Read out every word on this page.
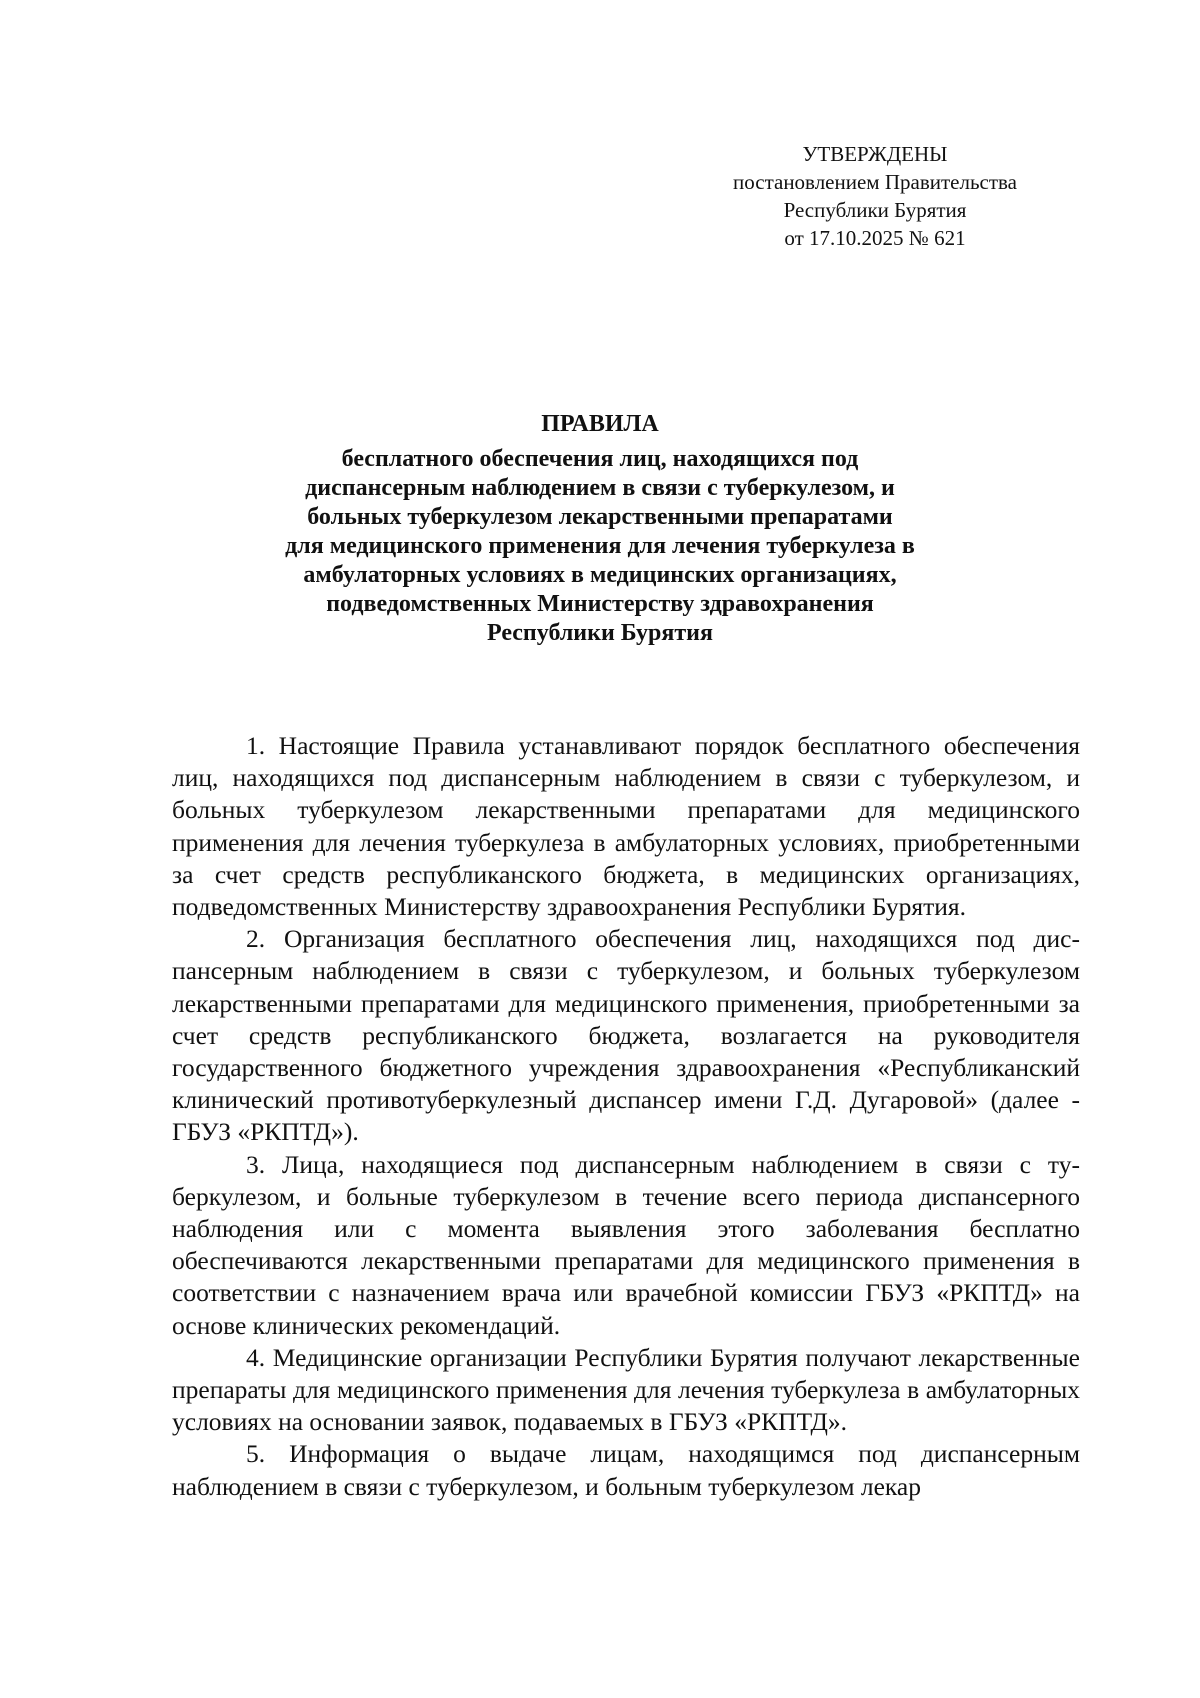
УТВЕРЖДЕНЫ
постановлением Правительства
Республики Бурятия
от 17.10.2025 № 621
ПРАВИЛА
бесплатного обеспечения лиц, находящихся под
диспансерным наблюдением в связи с туберкулезом, и
больных туберкулезом лекарственными препаратами
для медицинского применения для лечения туберкулеза в
амбулаторных условиях в медицинских организациях,
подведомственных Министерству здравохранения
Республики Бурятия

1. Настоящие Правила устанавливают порядок бесплатного обеспечения лиц, находящихся под диспансерным наблюдением в связи с туберкулезом, и больных туберкулезом лекарственными препаратами для медицинского применения для лечения туберкулеза в амбулаторных условиях, приобретенными за счет средств республиканского бюджета, в медицинских организациях, подведомственных Министерству здравоохранения Республики Бурятия.

2. Организация бесплатного обеспечения лиц, находящихся под диспансерным наблюдением в связи с туберкулезом, и больных туберкулезом лекарственными препаратами для медицинского применения, приобретенными за счет средств республиканского бюджета, возлагается на руководителя государственного бюджетного учреждения здравоохранения «Республиканский клинический противотуберкулезный диспансер имени Г.Д. Дугаровой» (далее - ГБУЗ «РКПТД»).

3. Лица, находящиеся под диспансерным наблюдением в связи с туберкулезом, и больные туберкулезом в течение всего периода диспансерного наблюдения или с момента выявления этого заболевания бесплатно обеспечиваются лекарственными препаратами для медицинского применения в соответствии с назначением врача или врачебной комиссии ГБУЗ «РКПТД» на основе клинических рекомендаций.

4. Медицинские организации Республики Бурятия получают лекарственные препараты для медицинского применения для лечения туберкулеза в амбулаторных условиях на основании заявок, подаваемых в ГБУЗ «РКПТД».

5. Информация о выдаче лицам, находящимся под диспансерным наблюдением в связи с туберкулезом, и больным туберкулезом лекар
